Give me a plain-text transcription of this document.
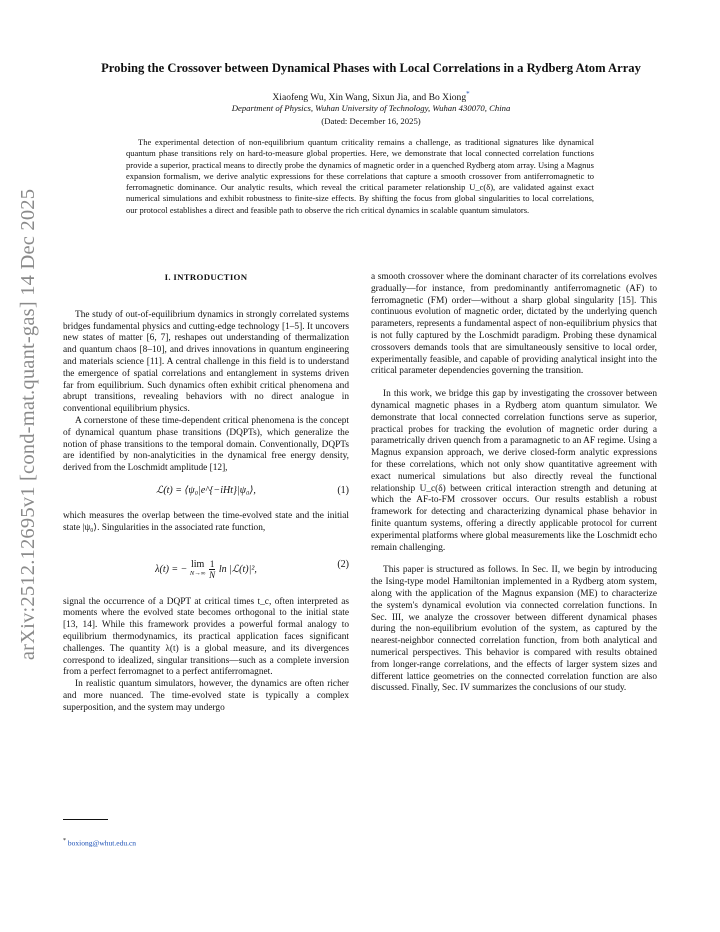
arXiv:2512.12695v1 [cond-mat.quant-gas] 14 Dec 2025
Probing the Crossover between Dynamical Phases with Local Correlations in a Rydberg Atom Array
Xiaofeng Wu, Xin Wang, Sixun Jia, and Bo Xiong*
Department of Physics, Wuhan University of Technology, Wuhan 430070, China
(Dated: December 16, 2025)

The experimental detection of non-equilibrium quantum criticality remains a challenge, as traditional signatures like dynamical quantum phase transitions rely on hard-to-measure global properties. Here, we demonstrate that local connected correlation functions provide a superior, practical means to directly probe the dynamics of magnetic order in a quenched Rydberg atom array. Using a Magnus expansion formalism, we derive analytic expressions for these correlations that capture a smooth crossover from antiferromagnetic to ferromagnetic dominance. Our analytic results, which reveal the critical parameter relationship U_c(δ), are validated against exact numerical simulations and exhibit robustness to finite-size effects. By shifting the focus from global singularities to local correlations, our protocol establishes a direct and feasible path to observe the rich critical dynamics in scalable quantum simulators.

I. INTRODUCTION

The study of out-of-equilibrium dynamics in strongly correlated systems bridges fundamental physics and cutting-edge technology [1–5]. It uncovers new states of matter [6, 7], reshapes out understanding of thermalization and quantum chaos [8–10], and drives innovations in quantum engineering and materials science [11]. A central challenge in this field is to understand the emergence of spatial correlations and entanglement in systems driven far from equilibrium. Such dynamics often exhibit critical phenomena and abrupt transitions, revealing behaviors with no direct analogue in conventional equilibrium physics.

A cornerstone of these time-dependent critical phenomena is the concept of dynamical quantum phase transitions (DQPTs), which generalize the notion of phase transitions to the temporal domain. Conventionally, DQPTs are identified by non-analyticities in the dynamical free energy density, derived from the Loschmidt amplitude [12],

ℒ(t) = ⟨ψ₀|e^{−iHt}|ψ₀⟩,	(1)

which measures the overlap between the time-evolved state and the initial state |ψ₀⟩. Singularities in the associated rate function,

λ(t) = − lim
N→∞
$\frac{1}{N}$ ln |ℒ(t)|²,	(2)

signal the occurrence of a DQPT at critical times t_c, often interpreted as moments where the evolved state becomes orthogonal to the initial state [13, 14]. While this framework provides a powerful formal analogy to equilibrium thermodynamics, its practical application faces significant challenges. The quantity λ(t) is a global measure, and its divergences correspond to idealized, singular transitions—such as a complete inversion from a perfect ferromagnet to a perfect antiferromagnet.

In realistic quantum simulators, however, the dynamics are often richer and more nuanced. The time-evolved state is typically a complex superposition, and the system may undergo

a smooth crossover where the dominant character of its correlations evolves gradually—for instance, from predominantly antiferromagnetic (AF) to ferromagnetic (FM) order—without a sharp global singularity [15]. This continuous evolution of magnetic order, dictated by the underlying quench parameters, represents a fundamental aspect of non-equilibrium physics that is not fully captured by the Loschmidt paradigm. Probing these dynamical crossovers demands tools that are simultaneously sensitive to local order, experimentally feasible, and capable of providing analytical insight into the critical parameter dependencies governing the transition.

In this work, we bridge this gap by investigating the crossover between dynamical magnetic phases in a Rydberg atom quantum simulator. We demonstrate that local connected correlation functions serve as superior, practical probes for tracking the evolution of magnetic order during a parametrically driven quench from a paramagnetic to an AF regime. Using a Magnus expansion approach, we derive closed-form analytic expressions for these correlations, which not only show quantitative agreement with exact numerical simulations but also directly reveal the functional relationship U_c(δ) between critical interaction strength and detuning at which the AF-to-FM crossover occurs. Our results establish a robust framework for detecting and characterizing dynamical phase behavior in finite quantum systems, offering a directly applicable protocol for current experimental platforms where global measurements like the Loschmidt echo remain challenging.

This paper is structured as follows. In Sec. II, we begin by introducing the Ising-type model Hamiltonian implemented in a Rydberg atom system, along with the application of the Magnus expansion (ME) to characterize the system's dynamical evolution via connected correlation functions. In Sec. III, we analyze the crossover between different dynamical phases during the non-equilibrium evolution of the system, as captured by the nearest-neighbor connected correlation function, from both analytical and numerical perspectives. This behavior is compared with results obtained from longer-range correlations, and the effects of larger system sizes and different lattice geometries on the connected correlation function are also discussed. Finally, Sec. IV summarizes the conclusions of our study.

* boxiong@whut.edu.cn
